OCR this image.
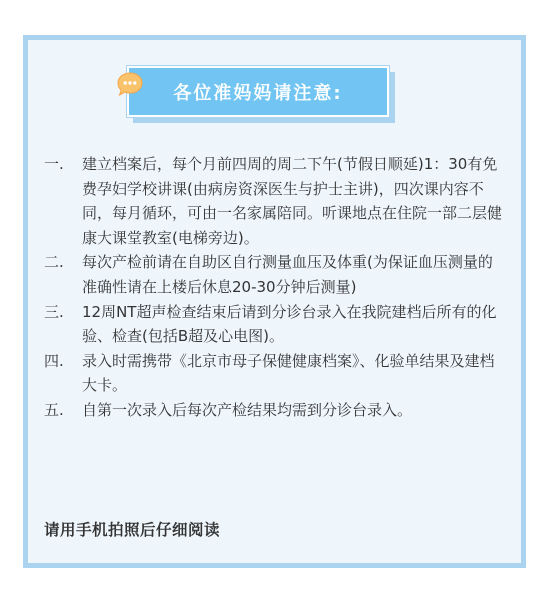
各位准妈妈请注意:
一.	建立档案后，每个月前四周的周二下午(节假日顺延)1：30有免费孕妇学校讲课(由病房资深医生与护士主讲)，四次课内容不同，每月循环，可由一名家属陪同。听课地点在住院一部二层健康大课堂教室(电梯旁边)。
二.	每次产检前请在自助区自行测量血压及体重(为保证血压测量的准确性请在上楼后休息20-30分钟后测量)
三.	12周NT超声检查结束后请到分诊台录入在我院建档后所有的化验、检查(包括B超及心电图)。
四.	录入时需携带《北京市母子保健健康档案》、化验单结果及建档大卡。
五.	自第一次录入后每次产检结果均需到分诊台录入。
请用手机拍照后仔细阅读
